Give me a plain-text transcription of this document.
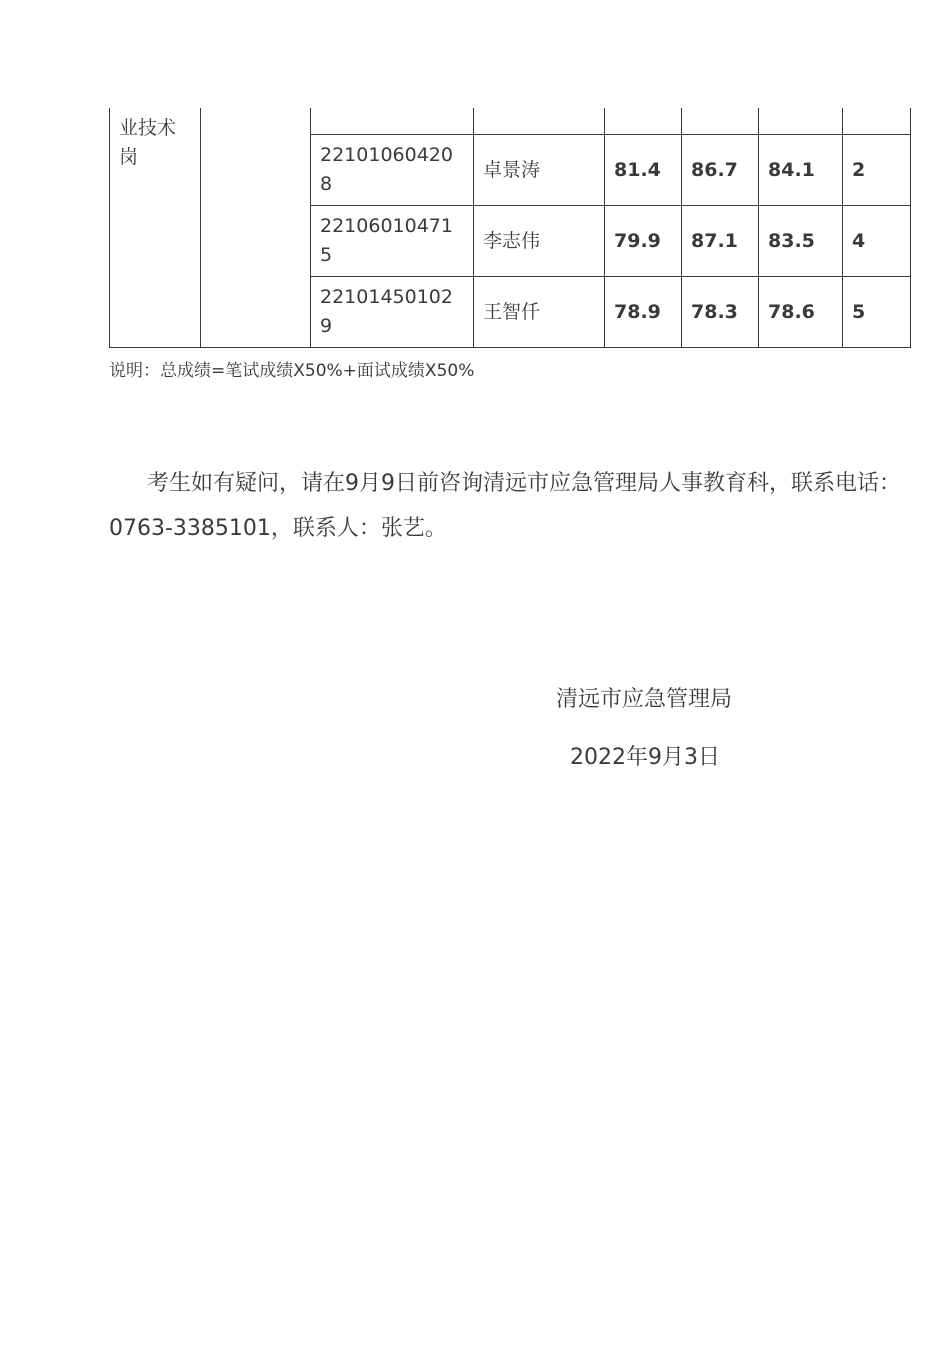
业技术岗							
		221010604208	卓景涛	81.4	86.7	84.1	2
		221060104715	李志伟	79.9	87.1	83.5	4
		221014501029	王智仟	78.9	78.3	78.6	5
说明：总成绩=笔试成绩X50%+面试成绩X50%

考生如有疑问，请在9月9日前咨询清远市应急管理局人事教育科，联系电话：0763-3385101，联系人：张艺。

清远市应急管理局
2022年9月3日
